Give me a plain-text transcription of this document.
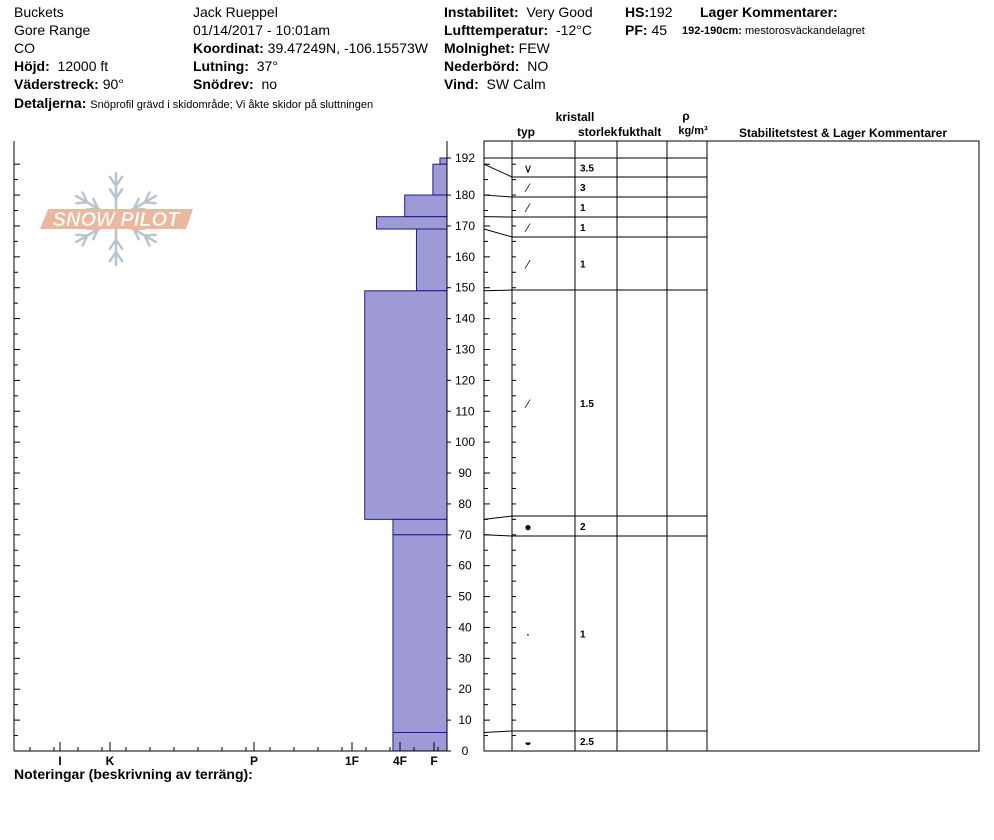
Buckets
Gore Range
CO
Höjd: 12000 ft
Väderstreck: 90°
Detaljerna: Snöprofil grävd i skidområde; Vi åkte skidor på sluttningen
Jack Rueppel
01/14/2017 - 10:01am
Koordinat: 39.47249N, -106.15573W
Lutning: 37°
Snödrev: no
Instabilitet: Very Good
Lufttemperatur: -12°C
Molnighet: FEW
Nederbörd: NO
Vind: SW Calm
HS:192
PF: 45
Lager Kommentarer:
192-190cm: mestorosväckandelagret
SNOW PILOT
kristall
typ	storlek fukthalt
ρ
kg/m³	Stabilitetstest & Lager Kommentarer
I	K	P	1F	4F F
0
10
20
30
40
50
60
70
80
90
100
110
120
130
140
150
160
170
180
192
∨	3.5
⁄	3
⁄	1
⁄	1
⁄	1
⁄	1.5
●	2
·	1
◒	2.5
Noteringar (beskrivning av terräng):
